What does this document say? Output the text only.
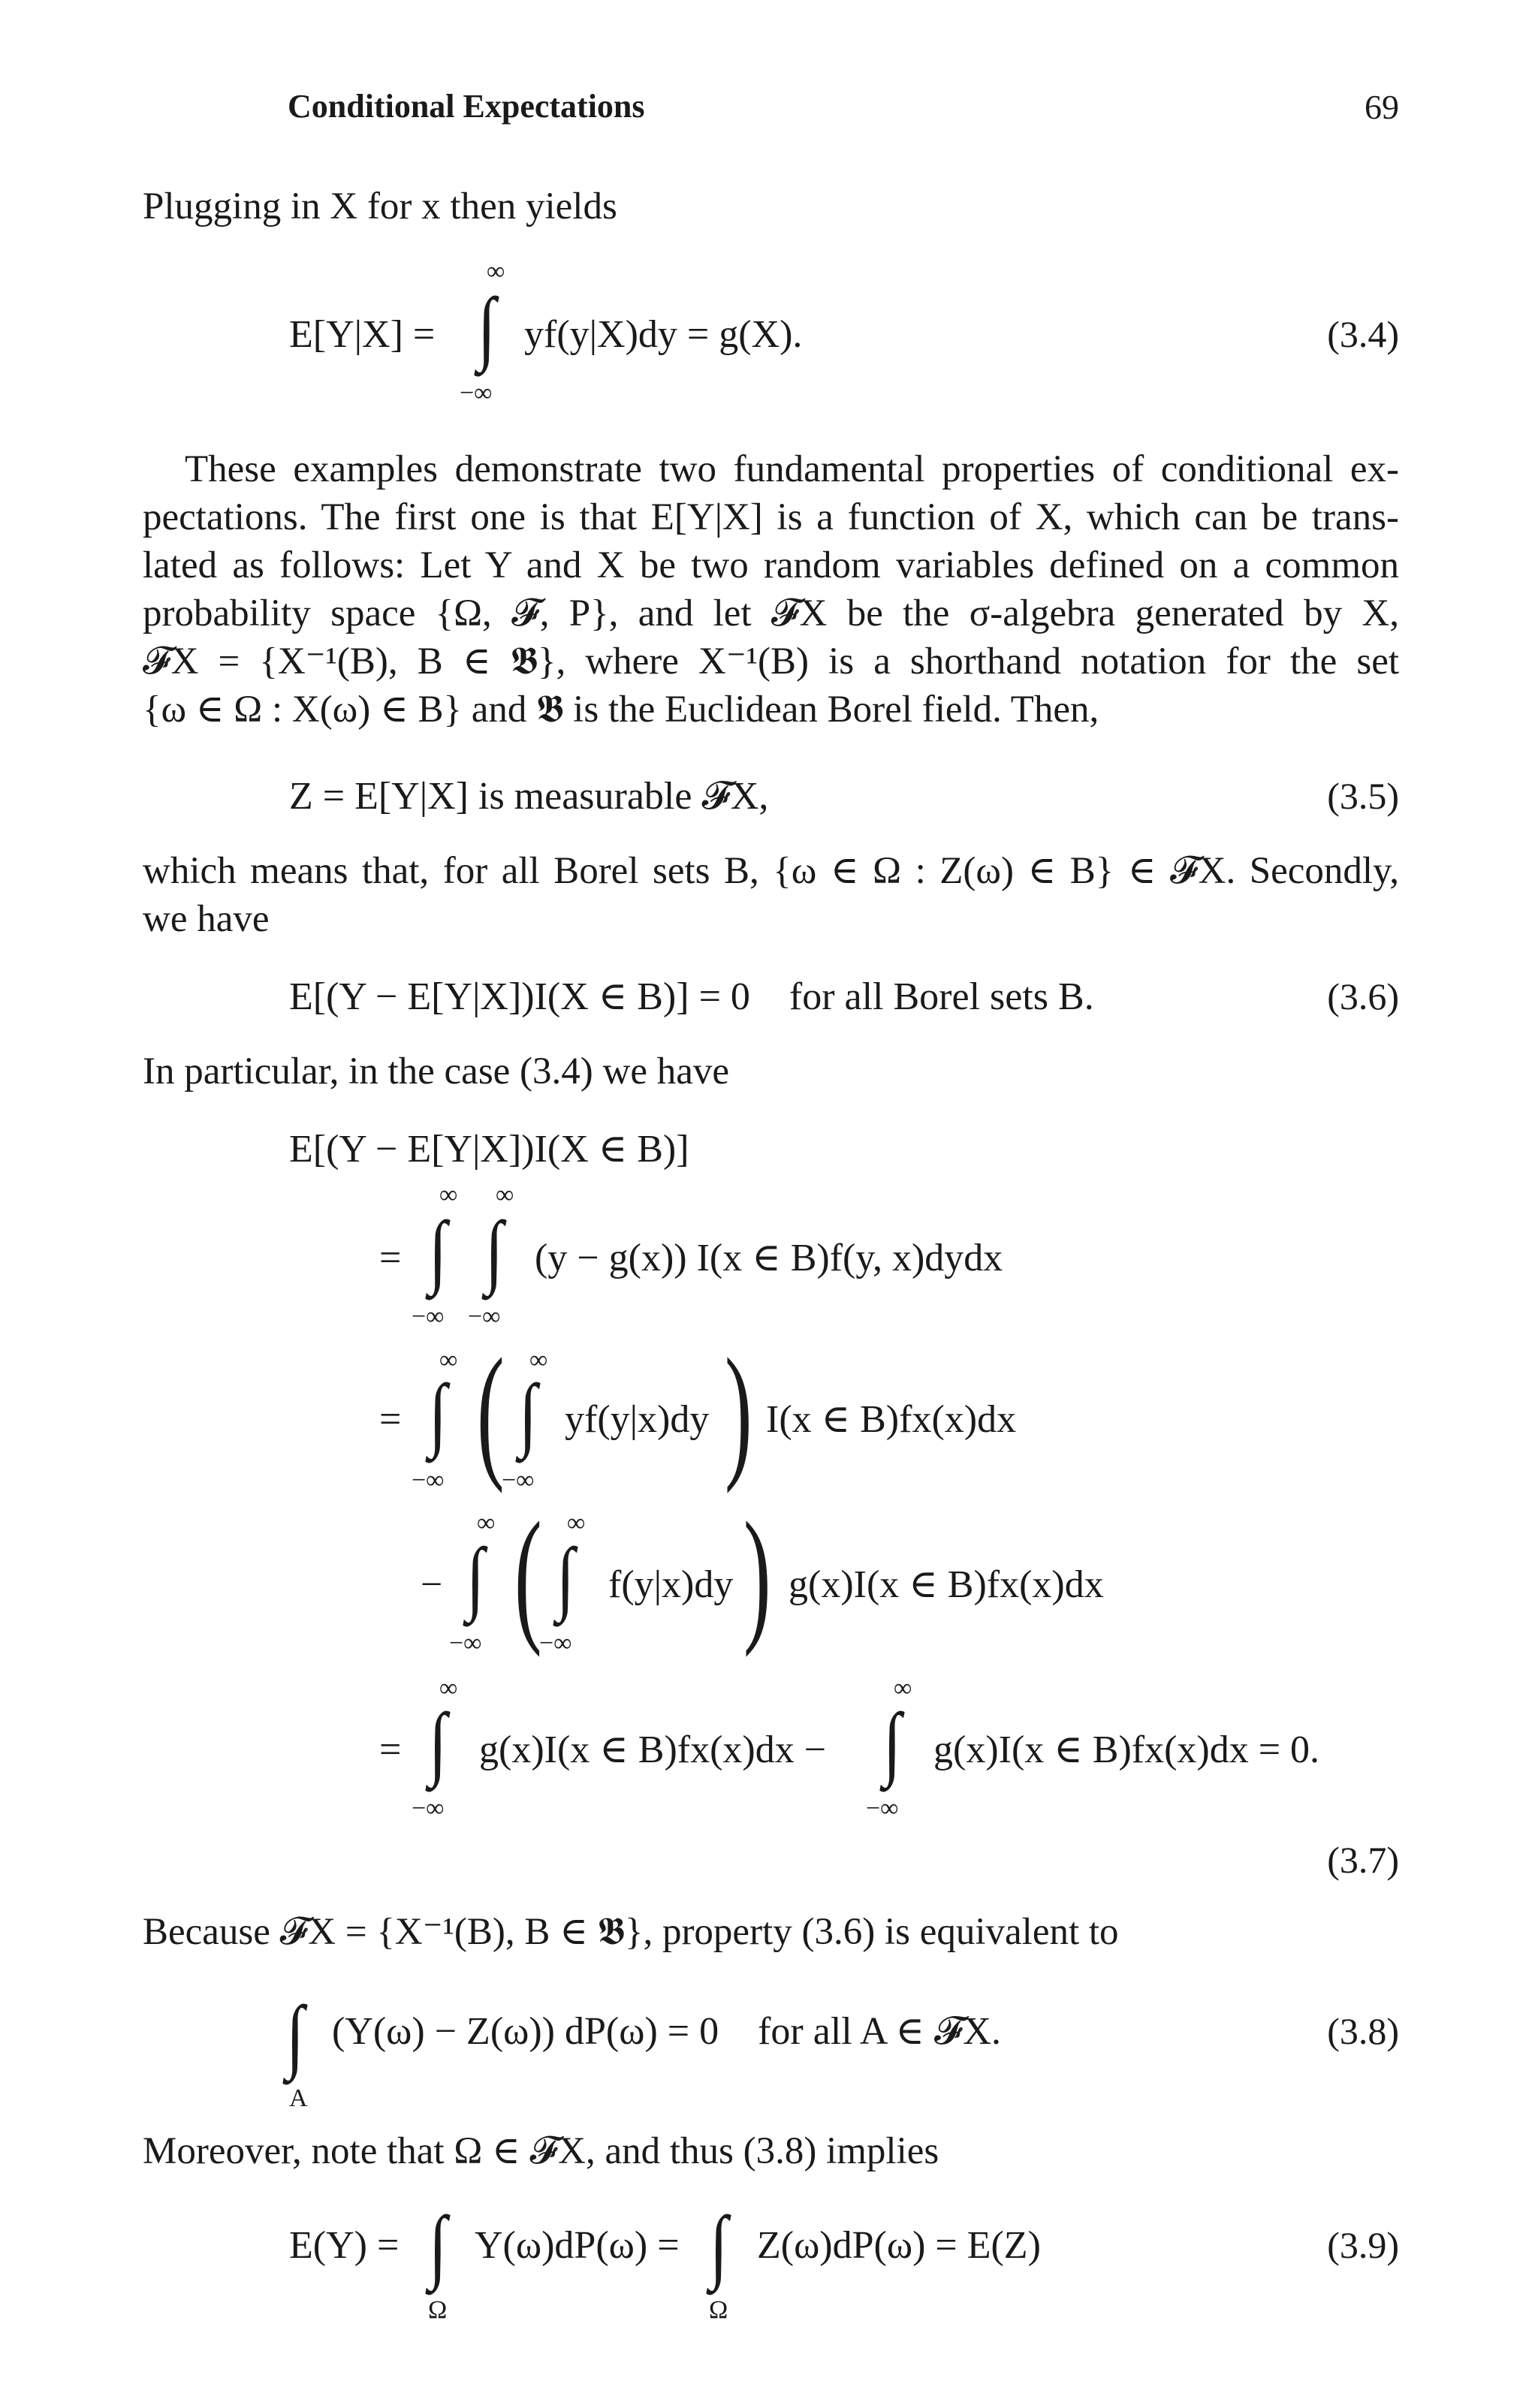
Conditional Expectations	69
Plugging in X for x then yields
E[Y|X] =
∞
∫
−∞
yf(y|X)dy = g(X).	(3.4)
These examples demonstrate two fundamental properties of conditional ex-
pectations. The first one is that E[Y|X] is a function of X, which can be trans-
lated as follows: Let Y and X be two random variables defined on a common
probability space {Ω, 𝓕, P}, and let 𝓕X be the σ-algebra generated by X,
𝓕X = {X⁻¹(B), B ∈ 𝕭}, where X⁻¹(B) is a shorthand notation for the set
{ω ∈ Ω : X(ω) ∈ B} and 𝕭 is the Euclidean Borel field. Then,
Z = E[Y|X] is measurable 𝓕X,	(3.5)
which means that, for all Borel sets B, {ω ∈ Ω : Z(ω) ∈ B} ∈ 𝓕X. Secondly,
we have
E[(Y − E[Y|X])I(X ∈ B)] = 0    for all Borel sets B.	(3.6)
In particular, in the case (3.4) we have
E[(Y − E[Y|X])I(X ∈ B)]
=
∞ ∞
∫ ∫
−∞ −∞
(y − g(x)) I(x ∈ B)f(y, x)dydx
=
∞
∫
−∞ ( ∞
∫
−∞
yf(y|x)dy ) I(x ∈ B)fx(x)dx
−
∞
∫
−∞ ( ∞
∫
−∞
f(y|x)dy ) g(x)I(x ∈ B)fx(x)dx
=
∞
∫
−∞
g(x)I(x ∈ B)fx(x)dx −
∞
∫
−∞
g(x)I(x ∈ B)fx(x)dx = 0.
(3.7)
Because 𝓕X = {X⁻¹(B), B ∈ 𝕭}, property (3.6) is equivalent to
∫
A
(Y(ω) − Z(ω)) dP(ω) = 0    for all A ∈ 𝓕X.	(3.8)
Moreover, note that Ω ∈ 𝓕X, and thus (3.8) implies
E(Y) = ∫
Ω
Y(ω)dP(ω) = ∫
Ω
Z(ω)dP(ω) = E(Z)	(3.9)
